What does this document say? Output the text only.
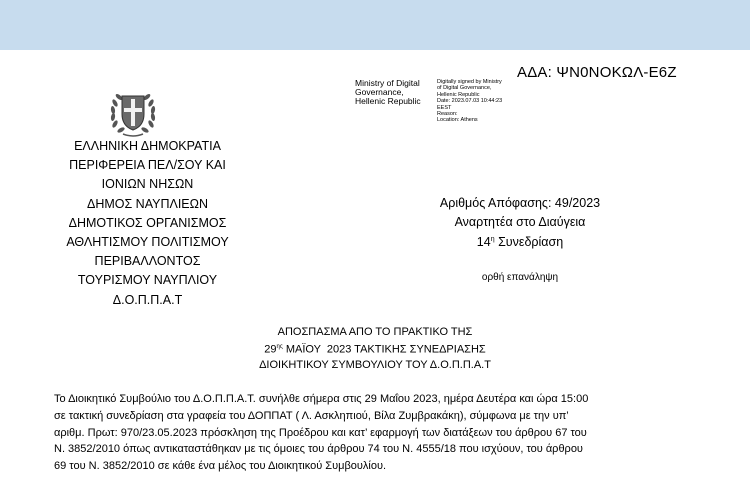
ΑΔΑ: ΨΝ0ΝΟΚΩΛ-Ε6Ζ
Ministry of Digital
Governance,
Hellenic Republic
Digitally signed by Ministry
of Digital Governance,
Hellenic Republic
Date: 2023.07.03 10:44:23
EEST
Reason:
Location: Athens
ΕΛΛΗΝΙΚΗ ΔΗΜΟΚΡΑΤΙΑ
ΠΕΡΙΦΕΡΕΙΑ ΠΕΛ/ΣΟΥ ΚΑΙ
ΙΟΝΙΩΝ ΝΗΣΩΝ
ΔΗΜΟΣ ΝΑΥΠΛΙΕΩΝ
ΔΗΜΟΤΙΚΟΣ ΟΡΓΑΝΙΣΜΟΣ
ΑΘΛΗΤΙΣΜΟΥ ΠΟΛΙΤΙΣΜΟΥ
ΠΕΡΙΒΑΛΛΟΝΤΟΣ
ΤΟΥΡΙΣΜΟΥ ΝΑΥΠΛΙΟΥ
Δ.Ο.Π.Π.Α.Τ
Αριθμός Απόφασης: 49/2023
Αναρτητέα στο Διαύγεια
$14^\eta$ Συνεδρίαση
ορθή επανάληψη
ΑΠΟΣΠΑΣΜΑ ΑΠΟ ΤΟ ΠΡΑΚΤΙΚΟ ΤΗΣ
$29^{\eta\varsigma}$ ΜΑΪΟΥ  2023 ΤΑΚΤΙΚΗΣ ΣΥΝΕΔΡΙΑΣΗΣ
ΔΙΟΙΚΗΤΙΚΟΥ ΣΥΜΒΟΥΛΙΟΥ ΤΟΥ Δ.Ο.Π.Π.Α.Τ
Το Διοικητικό Συμβούλιο του Δ.Ο.Π.Π.Α.Τ. συνήλθε σήμερα στις 29 Μαΐου 2023, ημέρα Δευτέρα και ώρα 15:00
σε τακτική συνεδρίαση στα γραφεία του ΔΟΠΠΑΤ ( Λ. Ασκληπιού, Βίλα Ζυμβρακάκη), σύμφωνα με την υπ’
αριθμ. Πρωτ: 970/23.05.2023 πρόσκληση της Προέδρου και κατ’ εφαρμογή των διατάξεων του άρθρου 67 του
Ν. 3852/2010 όπως αντικαταστάθηκαν με τις όμοιες του άρθρου 74 του Ν. 4555/18 που ισχύουν, του άρθρου
69 του Ν. 3852/2010 σε κάθε ένα μέλος του Διοικητικού Συμβουλίου.
